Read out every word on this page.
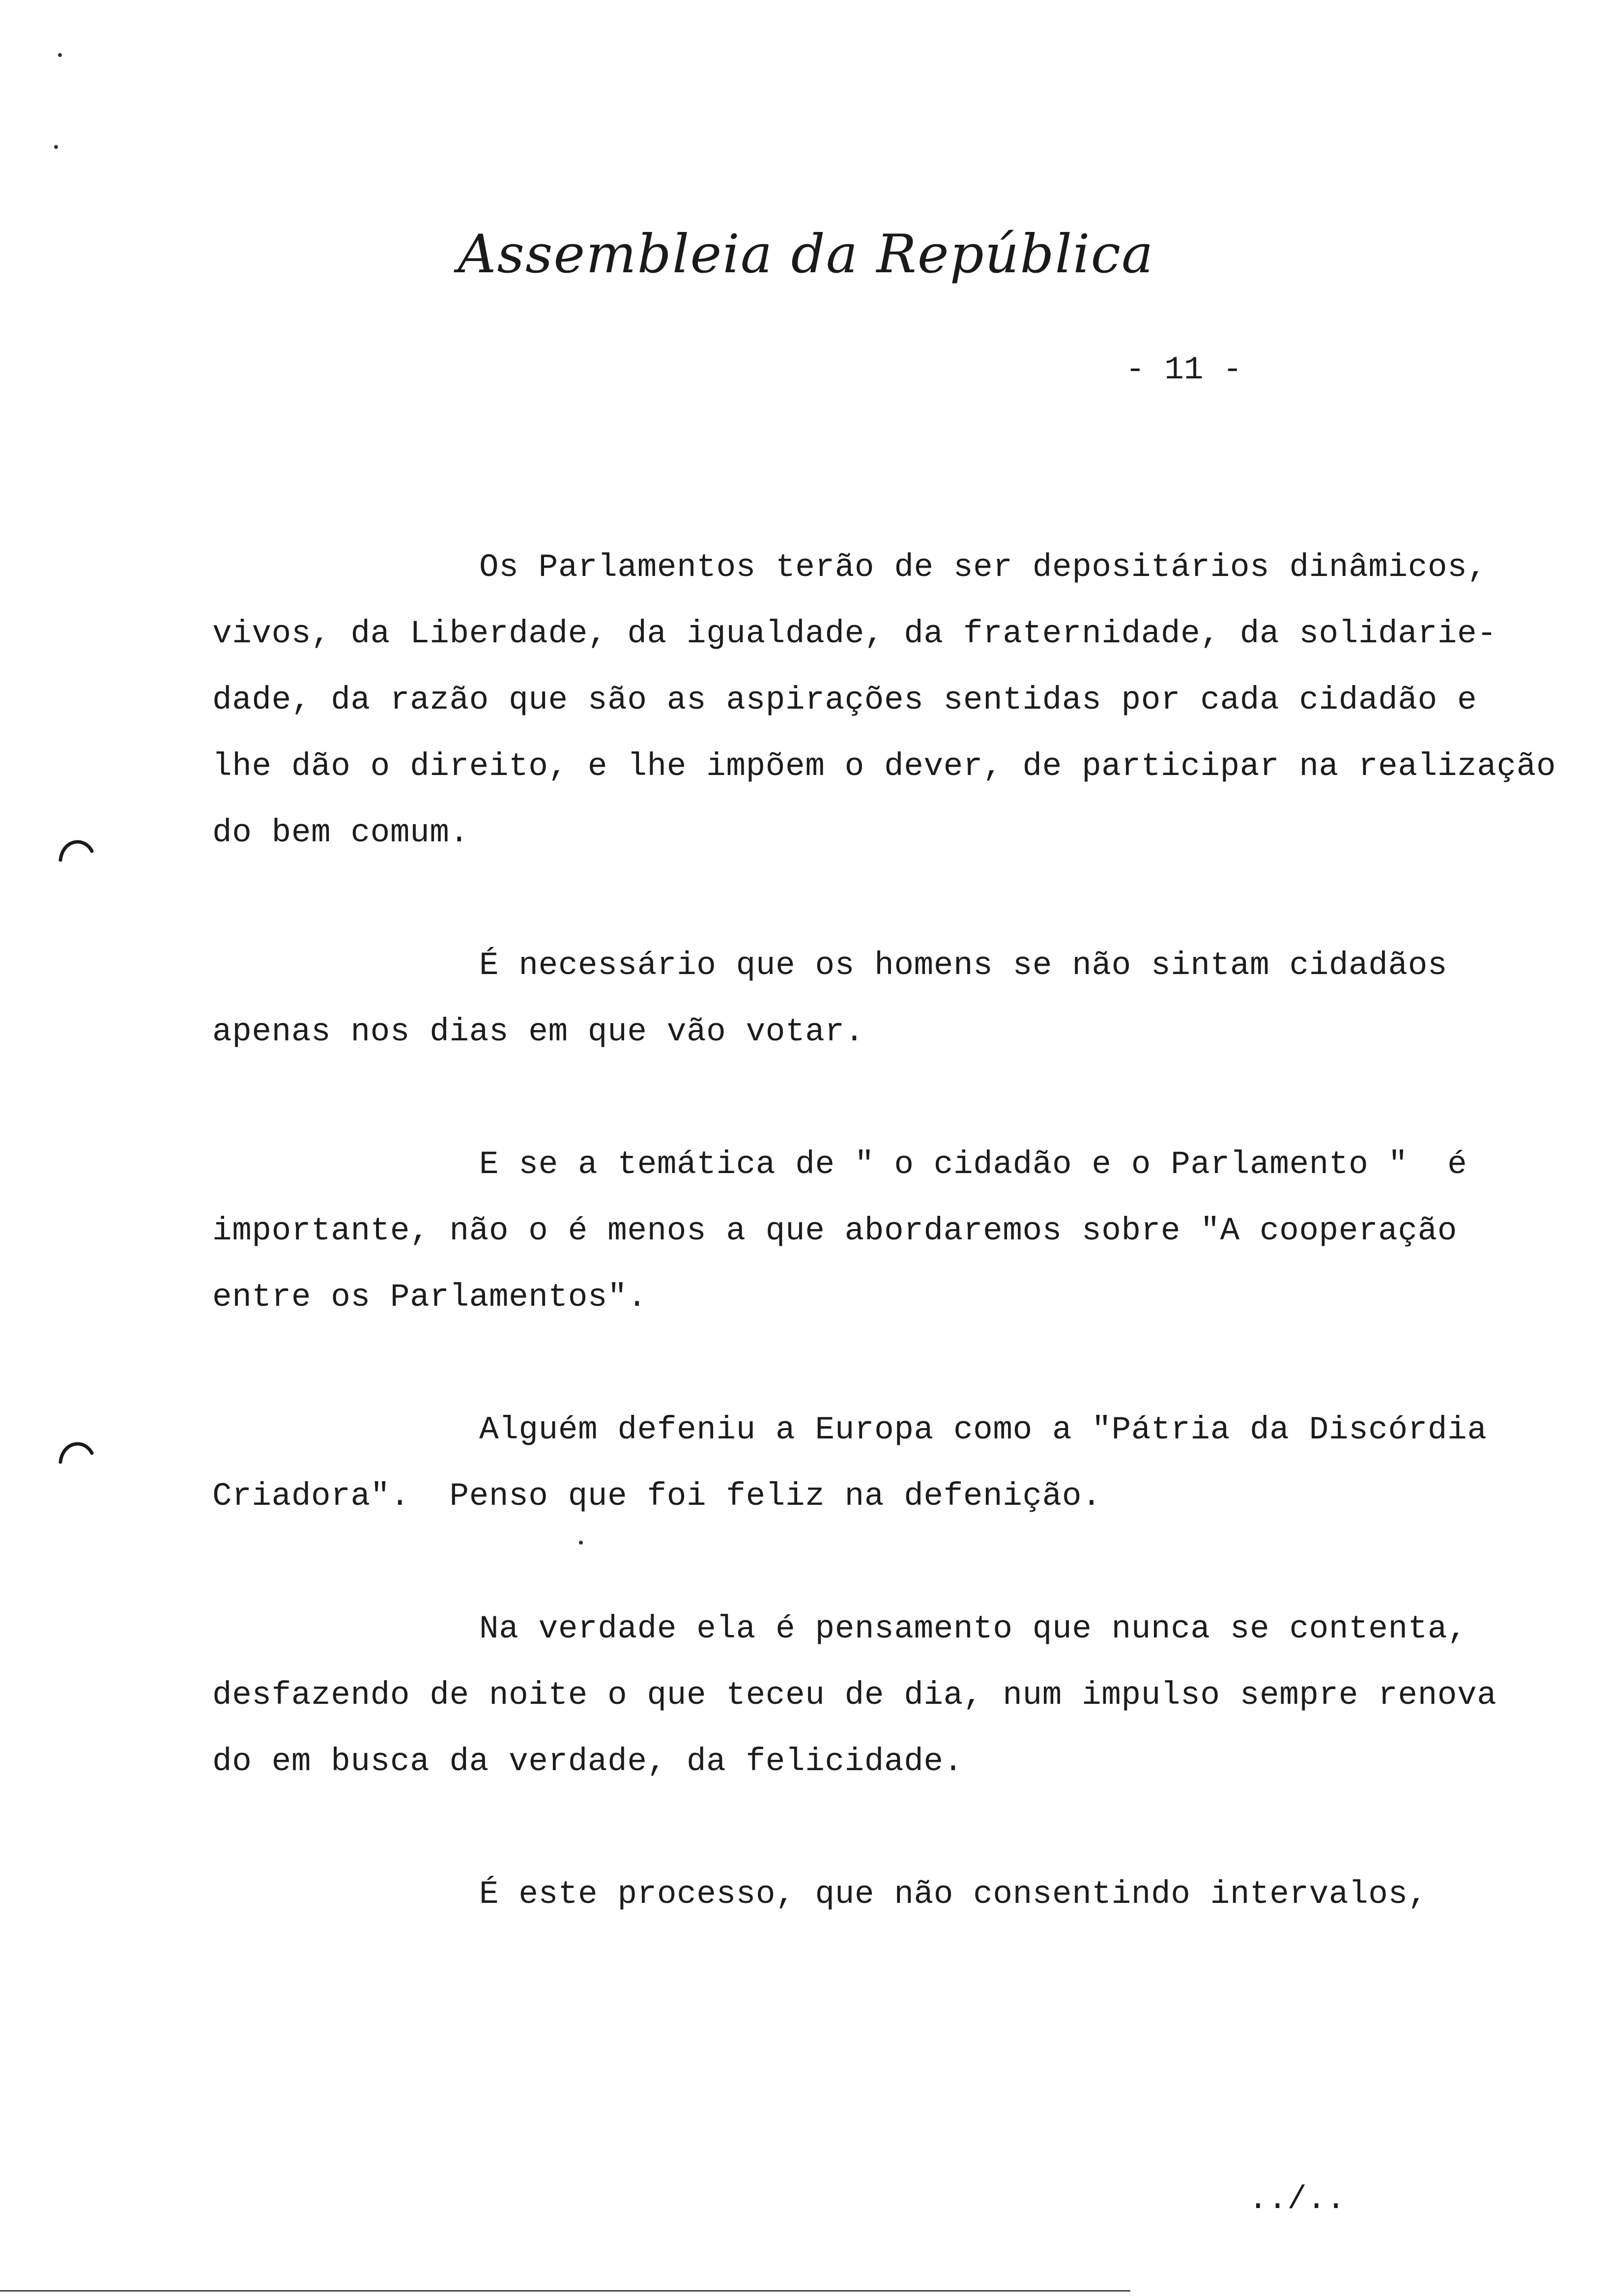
Assembleia da República
- 11 -
Os Parlamentos terão de ser depositários dinâmicos,
vivos, da Liberdade, da igualdade, da fraternidade, da solidarie-
dade, da razão que são as aspirações sentidas por cada cidadão e
lhe dão o direito, e lhe impõem o dever, de participar na realização
do bem comum.
É necessário que os homens se não sintam cidadãos
apenas nos dias em que vão votar.
E se a temática de " o cidadão e o Parlamento "  é
importante, não o é menos a que abordaremos sobre "A cooperação
entre os Parlamentos".
Alguém defeniu a Europa como a "Pátria da Discórdia
Criadora".  Penso que foi feliz na defenição.
Na verdade ela é pensamento que nunca se contenta,
desfazendo de noite o que teceu de dia, num impulso sempre renova
do em busca da verdade, da felicidade.
É este processo, que não consentindo intervalos,
../..
